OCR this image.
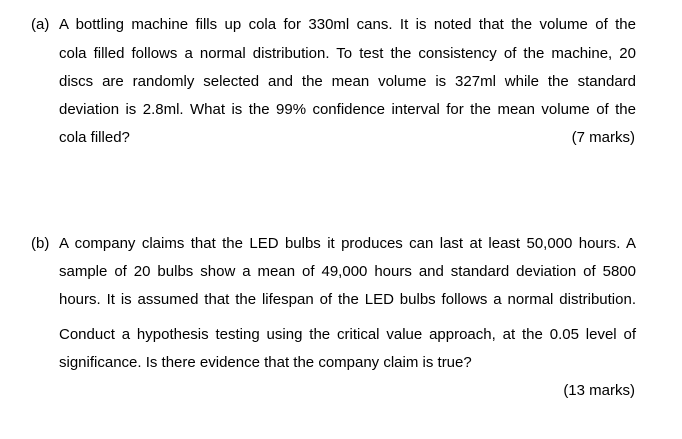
(a) A bottling machine fills up cola for 330ml cans. It is noted that the volume of the
cola filled follows a normal distribution. To test the consistency of the machine, 20
discs are randomly selected and the mean volume is 327ml while the standard
deviation is 2.8ml. What is the 99% confidence interval for the mean volume of the
cola filled?	(7 marks)
(b) A company claims that the LED bulbs it produces can last at least 50,000 hours. A
sample of 20 bulbs show a mean of 49,000 hours and standard deviation of 5800
hours. It is assumed that the lifespan of the LED bulbs follows a normal distribution.
Conduct a hypothesis testing using the critical value approach, at the 0.05 level of
significance. Is there evidence that the company claim is true?
(13 marks)
